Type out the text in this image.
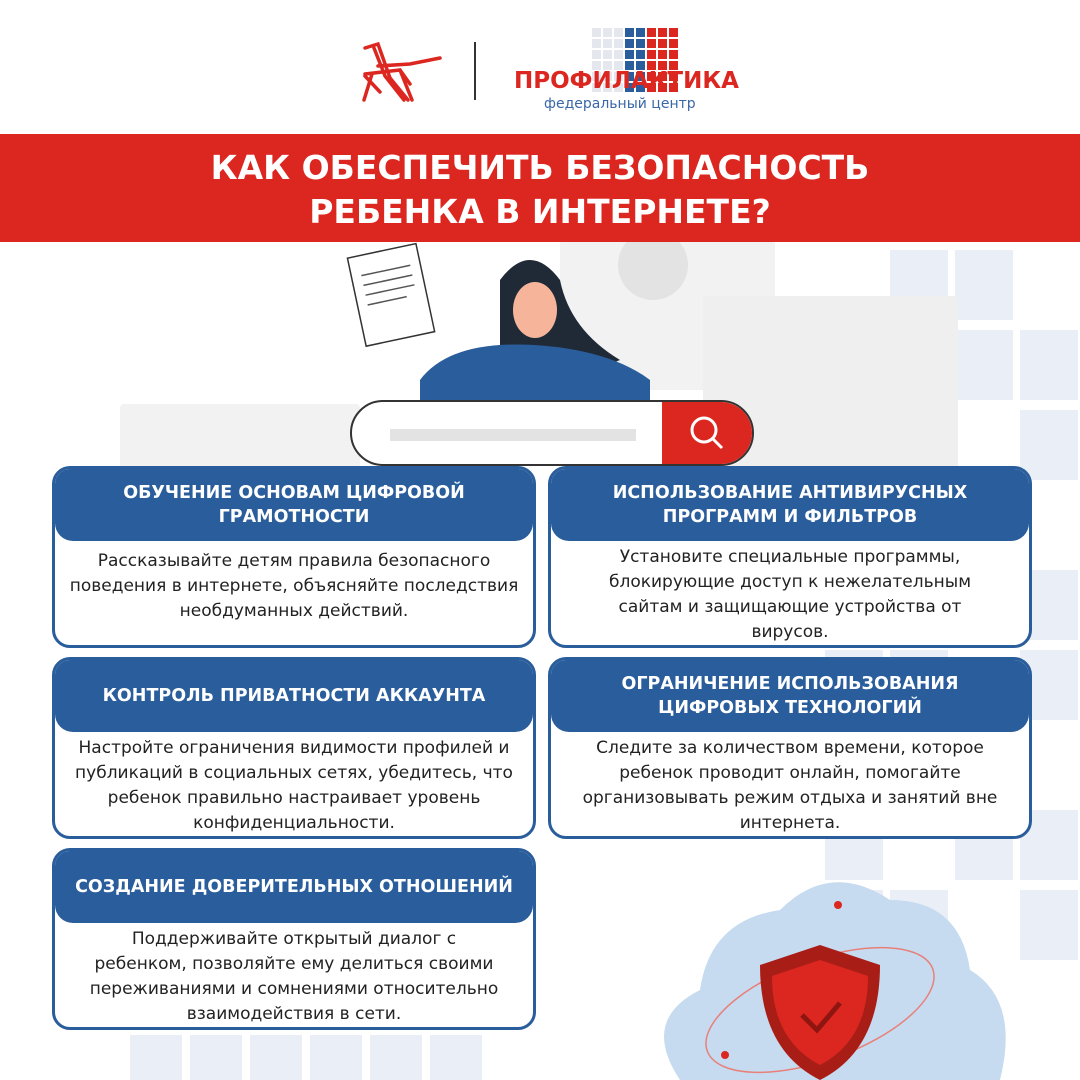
ПРОФИЛАКТИКА
федеральный центр
КАК ОБЕСПЕЧИТЬ БЕЗОПАСНОСТЬ
РЕБЕНКА В ИНТЕРНЕТЕ?
ОБУЧЕНИЕ ОСНОВАМ ЦИФРОВОЙ ГРАМОТНОСТИ
Рассказывайте детям правила безопасного поведения в интернете, объясняйте последствия необдуманных действий.
ИСПОЛЬЗОВАНИЕ АНТИВИРУСНЫХ ПРОГРАММ И ФИЛЬТРОВ
Установите специальные программы, блокирующие доступ к нежелательным сайтам и защищающие устройства от вирусов.
КОНТРОЛЬ ПРИВАТНОСТИ АККАУНТА
Настройте ограничения видимости профилей и публикаций в социальных сетях, убедитесь, что ребенок правильно настраивает уровень конфиденциальности.
ОГРАНИЧЕНИЕ ИСПОЛЬЗОВАНИЯ ЦИФРОВЫХ ТЕХНОЛОГИЙ
Следите за количеством времени, которое ребенок проводит онлайн, помогайте организовывать режим отдыха и занятий вне интернета.
СОЗДАНИЕ ДОВЕРИТЕЛЬНЫХ ОТНОШЕНИЙ
Поддерживайте открытый диалог с ребенком, позволяйте ему делиться своими переживаниями и сомнениями относительно взаимодействия в сети.
